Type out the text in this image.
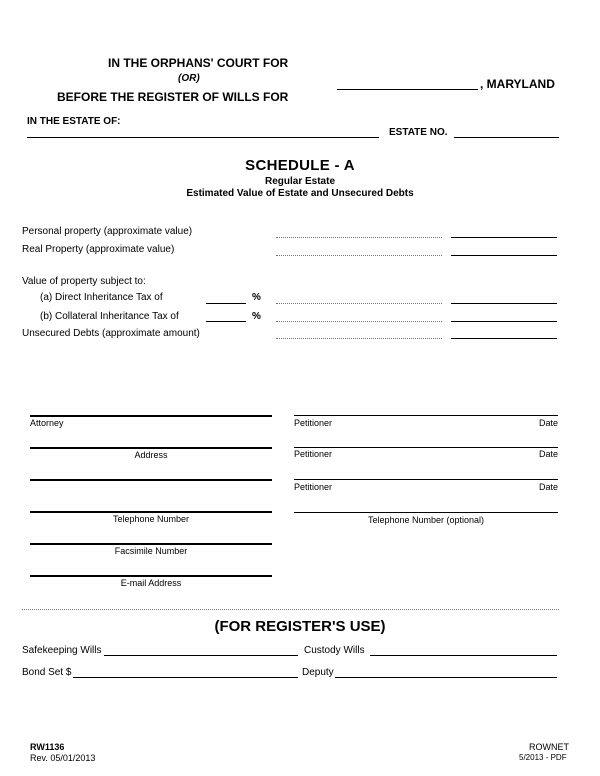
IN THE ORPHANS' COURT FOR
(OR)	, MARYLAND
BEFORE THE REGISTER OF WILLS FOR
IN THE ESTATE OF:
ESTATE NO.
SCHEDULE - A
Regular Estate
Estimated Value of Estate and Unsecured Debts
Personal property (approximate value)
Real Property (approximate value)
Value of property subject to:
(a) Direct Inheritance Tax of	%
(b) Collateral Inheritance Tax of	%
Unsecured Debts (approximate amount)
Attorney
Address
Telephone Number
Facsimile Number
E-mail Address
Petitioner	Date
Petitioner	Date
Petitioner	Date
Telephone Number (optional)
(FOR REGISTER'S USE)
Safekeeping Wills	Custody Wills
Bond Set $	Deputy
RW1136
Rev. 05/01/2013
ROWNET
5/2013 - PDF
